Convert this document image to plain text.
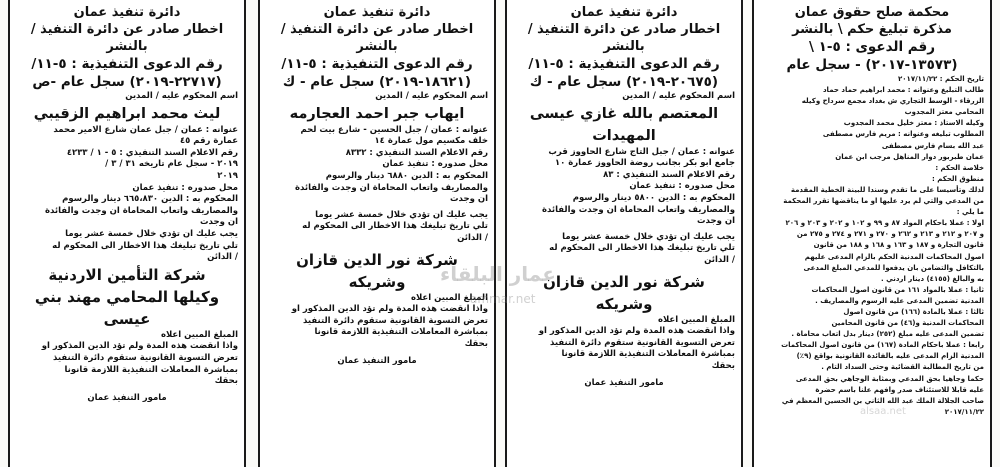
دائرة تنفيذ عمان
اخطار صادر عن دائرة التنفيذ / بالنشر
رقم الدعوى التنفيذية : ٥-١١/
(٢٢٧١٧-٢٠١٩) سجل عام -ص
اسم المحكوم عليه / المدين
ليث محمد ابراهيم الزقيبي

عنوانه : عمان / جبل عمان شارع الامير محمد

عمارة رقم ٤٥

رقم الاعلام السند التنفيذي : ٥ - ١ / ٤٢٣٣

٢٠١٩ - سجل عام تاريخه ٣١ / ٣ /

٢٠١٩

محل صدوره : تنفيذ عمان

المحكوم به : الدين ٦٦٥،٨٣٠ دينار والرسوم

والمصاريف واتعاب المحاماة ان وجدت والفائدة

ان وجدت

يجب عليك ان تؤدي خلال خمسة عشر يوما

تلي تاريخ تبليغك هذا الاخطار الى المحكوم له

/ الدائن

شركة التأمين الاردنية
وكيلها المحامي مهند بني عيسى
المبلغ المبين اعلاه

واذا انقضت هذه المدة ولم تؤد الدين المذكور او

تعرض التسوية القانونية ستقوم دائرة التنفيذ

بمباشرة المعاملات التنفيذية اللازمة قانونا

بحقك

مامور التنفيذ عمان
دائرة تنفيذ عمان
اخطار صادر عن دائرة التنفيذ / بالنشر
رقم الدعوى التنفيذية : ٥-١١/
(١٨٦٢١-٢٠١٩) سجل عام - ك
اسم المحكوم عليه / المدين
ايهاب جبر احمد العجارمه

عنوانه : عمان / جبل الحسين - شارع بيت لحم

خلف مكسيم مول عمارة ١٤

رقم الاعلام السند التنفيذي : ٨٣٣٢

محل صدوره : تنفيذ عمان

المحكوم به : الدين ٦٨٨٠ دينار والرسوم

والمصاريف واتعاب المحاماة ان وجدت والفائدة

ان وجدت

يجب عليك ان تؤدي خلال خمسة عشر يوما

تلي تاريخ تبليغك هذا الاخطار الى المحكوم له

/ الدائن

شركة نور الدين قازان وشريكه
المبلغ المبين اعلاه

واذا انقضت هذه المدة ولم تؤد الدين المذكور او

تعرض التسوية القانونية ستقوم دائرة التنفيذ

بمباشرة المعاملات التنفيذية اللازمة قانونا

بحقك

مامور التنفيذ عمان
دائرة تنفيذ عمان
اخطار صادر عن دائرة التنفيذ / بالنشر
رقم الدعوى التنفيذية : ٥-١١/
(٢٠٦٧٥-٢٠١٩) سجل عام - ك
اسم المحكوم عليه / المدين
المعتصم بالله غازي عيسى المهيدات

عنوانه : عمان / جبل التاج شارع الحاووز قرب

جامع ابو بكر بجانب روضة الحاووز عمارة ١٠

رقم الاعلام السند التنفيذي : ٨٣

محل صدوره : تنفيذ عمان

المحكوم به : الدين ٥٨٠٠ دينار والرسوم

والمصاريف واتعاب المحاماة ان وجدت والفائدة

ان وجدت

يجب عليك ان تؤدي خلال خمسة عشر يوما

تلي تاريخ تبليغك هذا الاخطار الى المحكوم له

/ الدائن

شركة نور الدين قازان وشريكه
المبلغ المبين اعلاه

واذا انقضت هذه المدة ولم تؤد الدين المذكور او

تعرض التسوية القانونية ستقوم دائرة التنفيذ

بمباشرة المعاملات التنفيذية اللازمة قانونا

بحقك

مامور التنفيذ عمان
محكمة صلح حقوق عمان
مذكرة تبليغ حكم \ بالنشر
رقم الدعوى : ٥-١ \
(١٣٥٧٣-٢٠١٧) - سجل عام

تاريخ الحكم : ٢٠١٧/١١/٢٢

طالب التبليغ وعنوانه : محمد ابراهيم حماد حماد

الزرقاء - الوسط التجاري ش بغداد مجمع سرداح وكيله

المحامي معتز المجدوب

وكيله الاستاذ : معتز خليل محمد المجدوب

المطلوب تبليغه وعنوانه : مريم فارس مصطفى

عبد الله بسام فارس مصطفى

عمان طبربور دوار المناهل مرجب ابن عمان

خلاصة الحكم :

منطوق الحكم :

لذلك وتأسيسا على ما تقدم وسندا للبينة الخطية المقدمة

من المدعي والتي لم يرد عليها او ما يناقضها تقرر المحكمة

ما يلي :

اولا : عملا باحكام المواد ٨٧ و ٩٩ و ١٠٢ و ٢٠٢ و ٢٠٣ و ٢٠٦

و ٢٠٧ و ٢١٢ و ٢١٣ و ٢٦٢ و ٢٧٠ و ٢٧١ و ٢٧٤ و ٢٧٥ من

قانون التجارة و ١٨٧ و ١٦٣ و ١٦٨ و ١٨٨ من قانون

اصول المحاكمات المدنية الحكم بالزام المدعى عليهم

بالتكافل والتضامن بان يدفعوا للمدعي المبلغ المدعى

به والبالغ (٤١٥٥) دينار اردني .

ثانيا : عملا بالمواد ١٦١ من قانون اصول المحاكمات

المدنية تضمين المدعى عليه الرسوم والمصاريف .

ثالثا : عملا بالمادة (١٦٦) من قانون اصول

المحاكمات المدنية و(٤٦) من قانون المحامين

تضمين المدعى عليه مبلغ (٢٥٢) دينار بدل اتعاب محاماة .

رابعا : عملا باحكام المادة (١٦٧) من قانون اصول المحاكمات

المدنية الزام المدعى عليه بالفائدة القانونية بواقع (٩٪)

من تاريخ المطالبة القضائية وحتى السداد التام .

حكما وجاهيا بحق المدعي وبمثابة الوجاهي بحق المدعى

عليه قابلا للاستئناف صدر وافهم علنا باسم حضرة

صاحب الجلالة الملك عبد الله الثاني بن الحسين المعظم في

٢٠١٧/١١/٢٢

عمار البلقاء
ammar.net
alsaa.net
